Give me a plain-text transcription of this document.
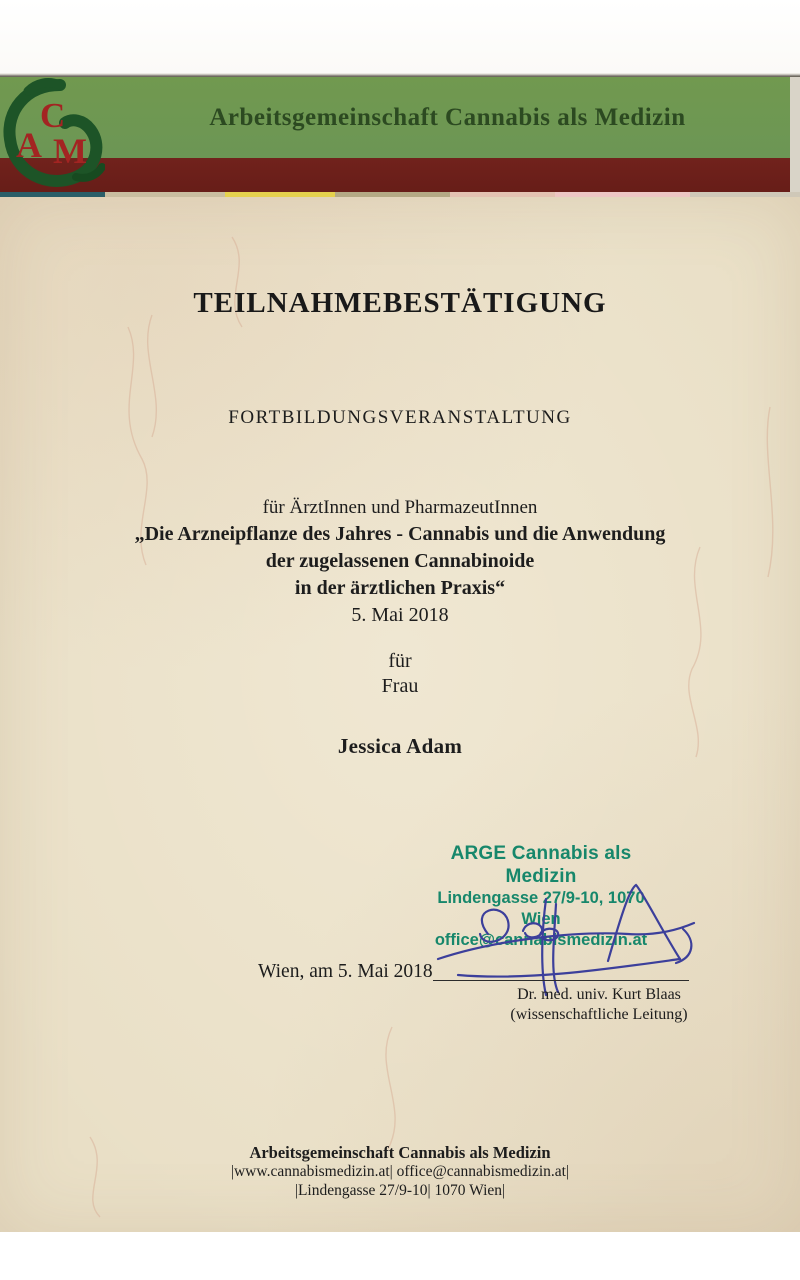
Arbeitsgemeinschaft Cannabis als Medizin
C
A M
TEILNAHMEBESTÄTIGUNG
FORTBILDUNGSVERANSTALTUNG
für ÄrztInnen und PharmazeutInnen
„Die Arzneipflanze des Jahres - Cannabis und die Anwendung
der zugelassenen Cannabinoide
in der ärztlichen Praxis“
5. Mai 2018
für
Frau
Jessica Adam
ARGE Cannabis als Medizin
Lindengasse 27/9-10, 1070 Wien
office@cannabismedizin.at
Wien, am 5. Mai 2018
Dr. med. univ. Kurt Blaas
(wissenschaftliche Leitung)
Arbeitsgemeinschaft Cannabis als Medizin
|www.cannabismedizin.at| office@cannabismedizin.at|
|Lindengasse 27/9-10| 1070 Wien|
